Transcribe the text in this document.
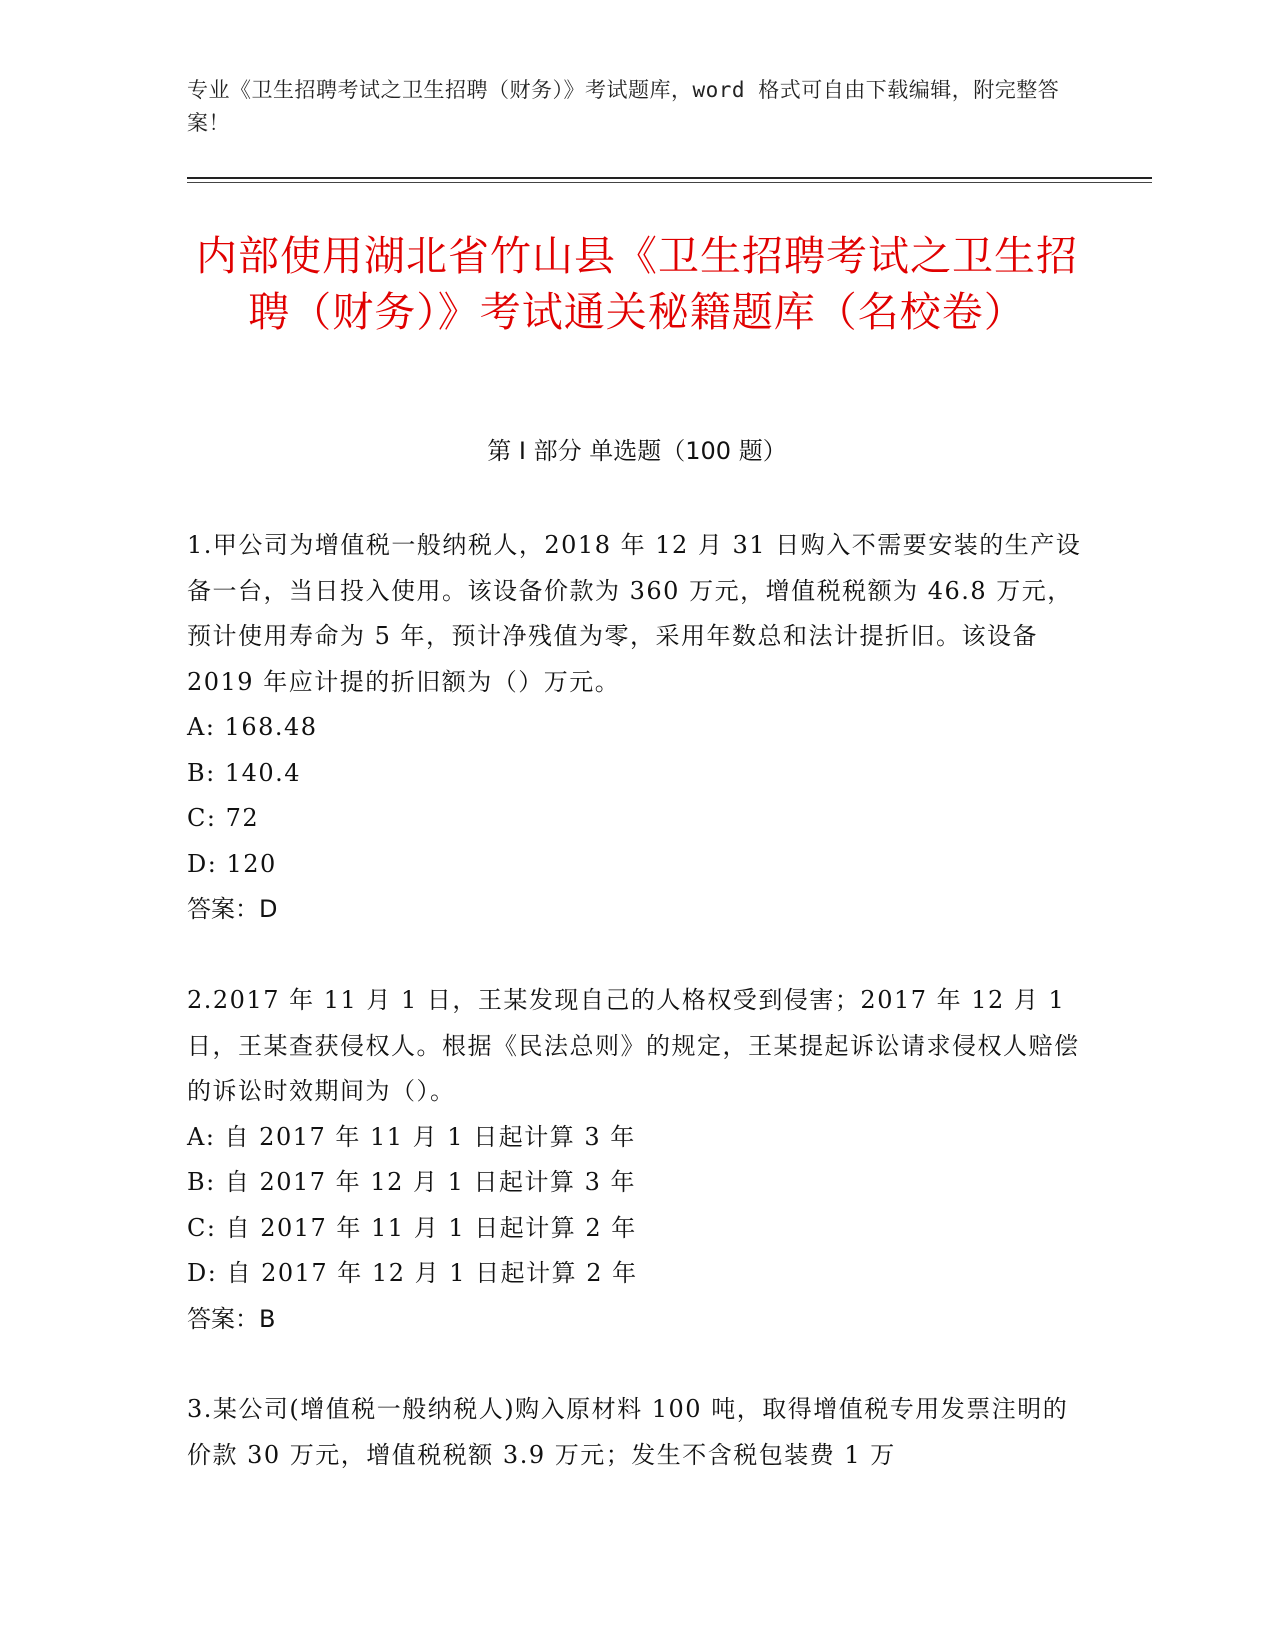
专业《卫生招聘考试之卫生招聘（财务）》考试题库，word 格式可自由下载编辑，附完整答案！
内部使用湖北省竹山县《卫生招聘考试之卫生招聘（财务）》考试通关秘籍题库（名校卷）
第 I 部分 单选题（100 题）

1.甲公司为增值税一般纳税人，2018 年 12 月 31 日购入不需要安装的生产设备一台，当日投入使用。该设备价款为 360 万元，增值税税额为 46.8 万元，预计使用寿命为 5 年，预计净残值为零，采用年数总和法计提折旧。该设备 2019 年应计提的折旧额为（）万元。

A: 168.48

B: 140.4

C: 72

D: 120

答案：D

2.2017 年 11 月 1 日，王某发现自己的人格权受到侵害；2017 年 12 月 1 日，王某查获侵权人。根据《民法总则》的规定，王某提起诉讼请求侵权人赔偿的诉讼时效期间为（）。

A: 自 2017 年 11 月 1 日起计算 3 年

B: 自 2017 年 12 月 1 日起计算 3 年

C: 自 2017 年 11 月 1 日起计算 2 年

D: 自 2017 年 12 月 1 日起计算 2 年

答案：B

3.某公司(增值税一般纳税人)购入原材料 100 吨，取得增值税专用发票注明的价款 30 万元，增值税税额 3.9 万元；发生不含税包装费 1 万
